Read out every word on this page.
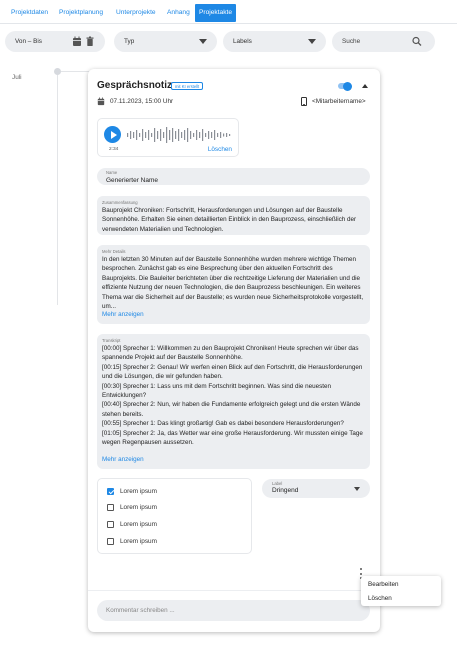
Projektdaten	Projektplanung	Unterprojekte	Anhang	Projektakte
Von – Bis	Typ	Labels	Suche
Juli
Gesprächsnotiz mit KI erstellt
07.11.2023, 15:00 Uhr	<Mitarbeitername>
2:34	Löschen
Name
Generierter Name
Zusammenfassung
Bauprojekt Chroniken: Fortschritt, Herausforderungen und Lösungen auf der Baustelle Sonnenhöhe. Erhalten Sie einen detaillierten Einblick in den Bauprozess, einschließlich der verwendeten Materialien und Technologien.
Mehr Details
In den letzten 30 Minuten auf der Baustelle Sonnenhöhe wurden mehrere wichtige Themen besprochen. Zunächst gab es eine Besprechung über den aktuellen Fortschritt des Bauprojekts. Die Bauleiter berichteten über die rechtzeitige Lieferung der Materialien und die effiziente Nutzung der neuen Technologien, die den Bauprozess beschleunigen. Ein weiteres Thema war die Sicherheit auf der Baustelle; es wurden neue Sicherheitsprotokolle vorgestellt, um...
Mehr anzeigen
Transkript
[00:00] Sprecher 1: Willkommen zu den Bauprojekt Chroniken! Heute sprechen wir über das spannende Projekt auf der Baustelle Sonnenhöhe.
[00:15] Sprecher 2: Genau! Wir werfen einen Blick auf den Fortschritt, die Herausforderungen und die Lösungen, die wir gefunden haben.
[00:30] Sprecher 1: Lass uns mit dem Fortschritt beginnen. Was sind die neuesten Entwicklungen?
[00:40] Sprecher 2: Nun, wir haben die Fundamente erfolgreich gelegt und die ersten Wände stehen bereits.
[00:55] Sprecher 1: Das klingt großartig! Gab es dabei besondere Herausforderungen?
[01:05] Sprecher 2: Ja, das Wetter war eine große Herausforderung. Wir mussten einige Tage wegen Regenpausen aussetzen.
Mehr anzeigen
Lorem ipsum
Lorem ipsum
Lorem ipsum
Lorem ipsum
Label
Dringend
Kommentar schreiben ...
Bearbeiten
Löschen
